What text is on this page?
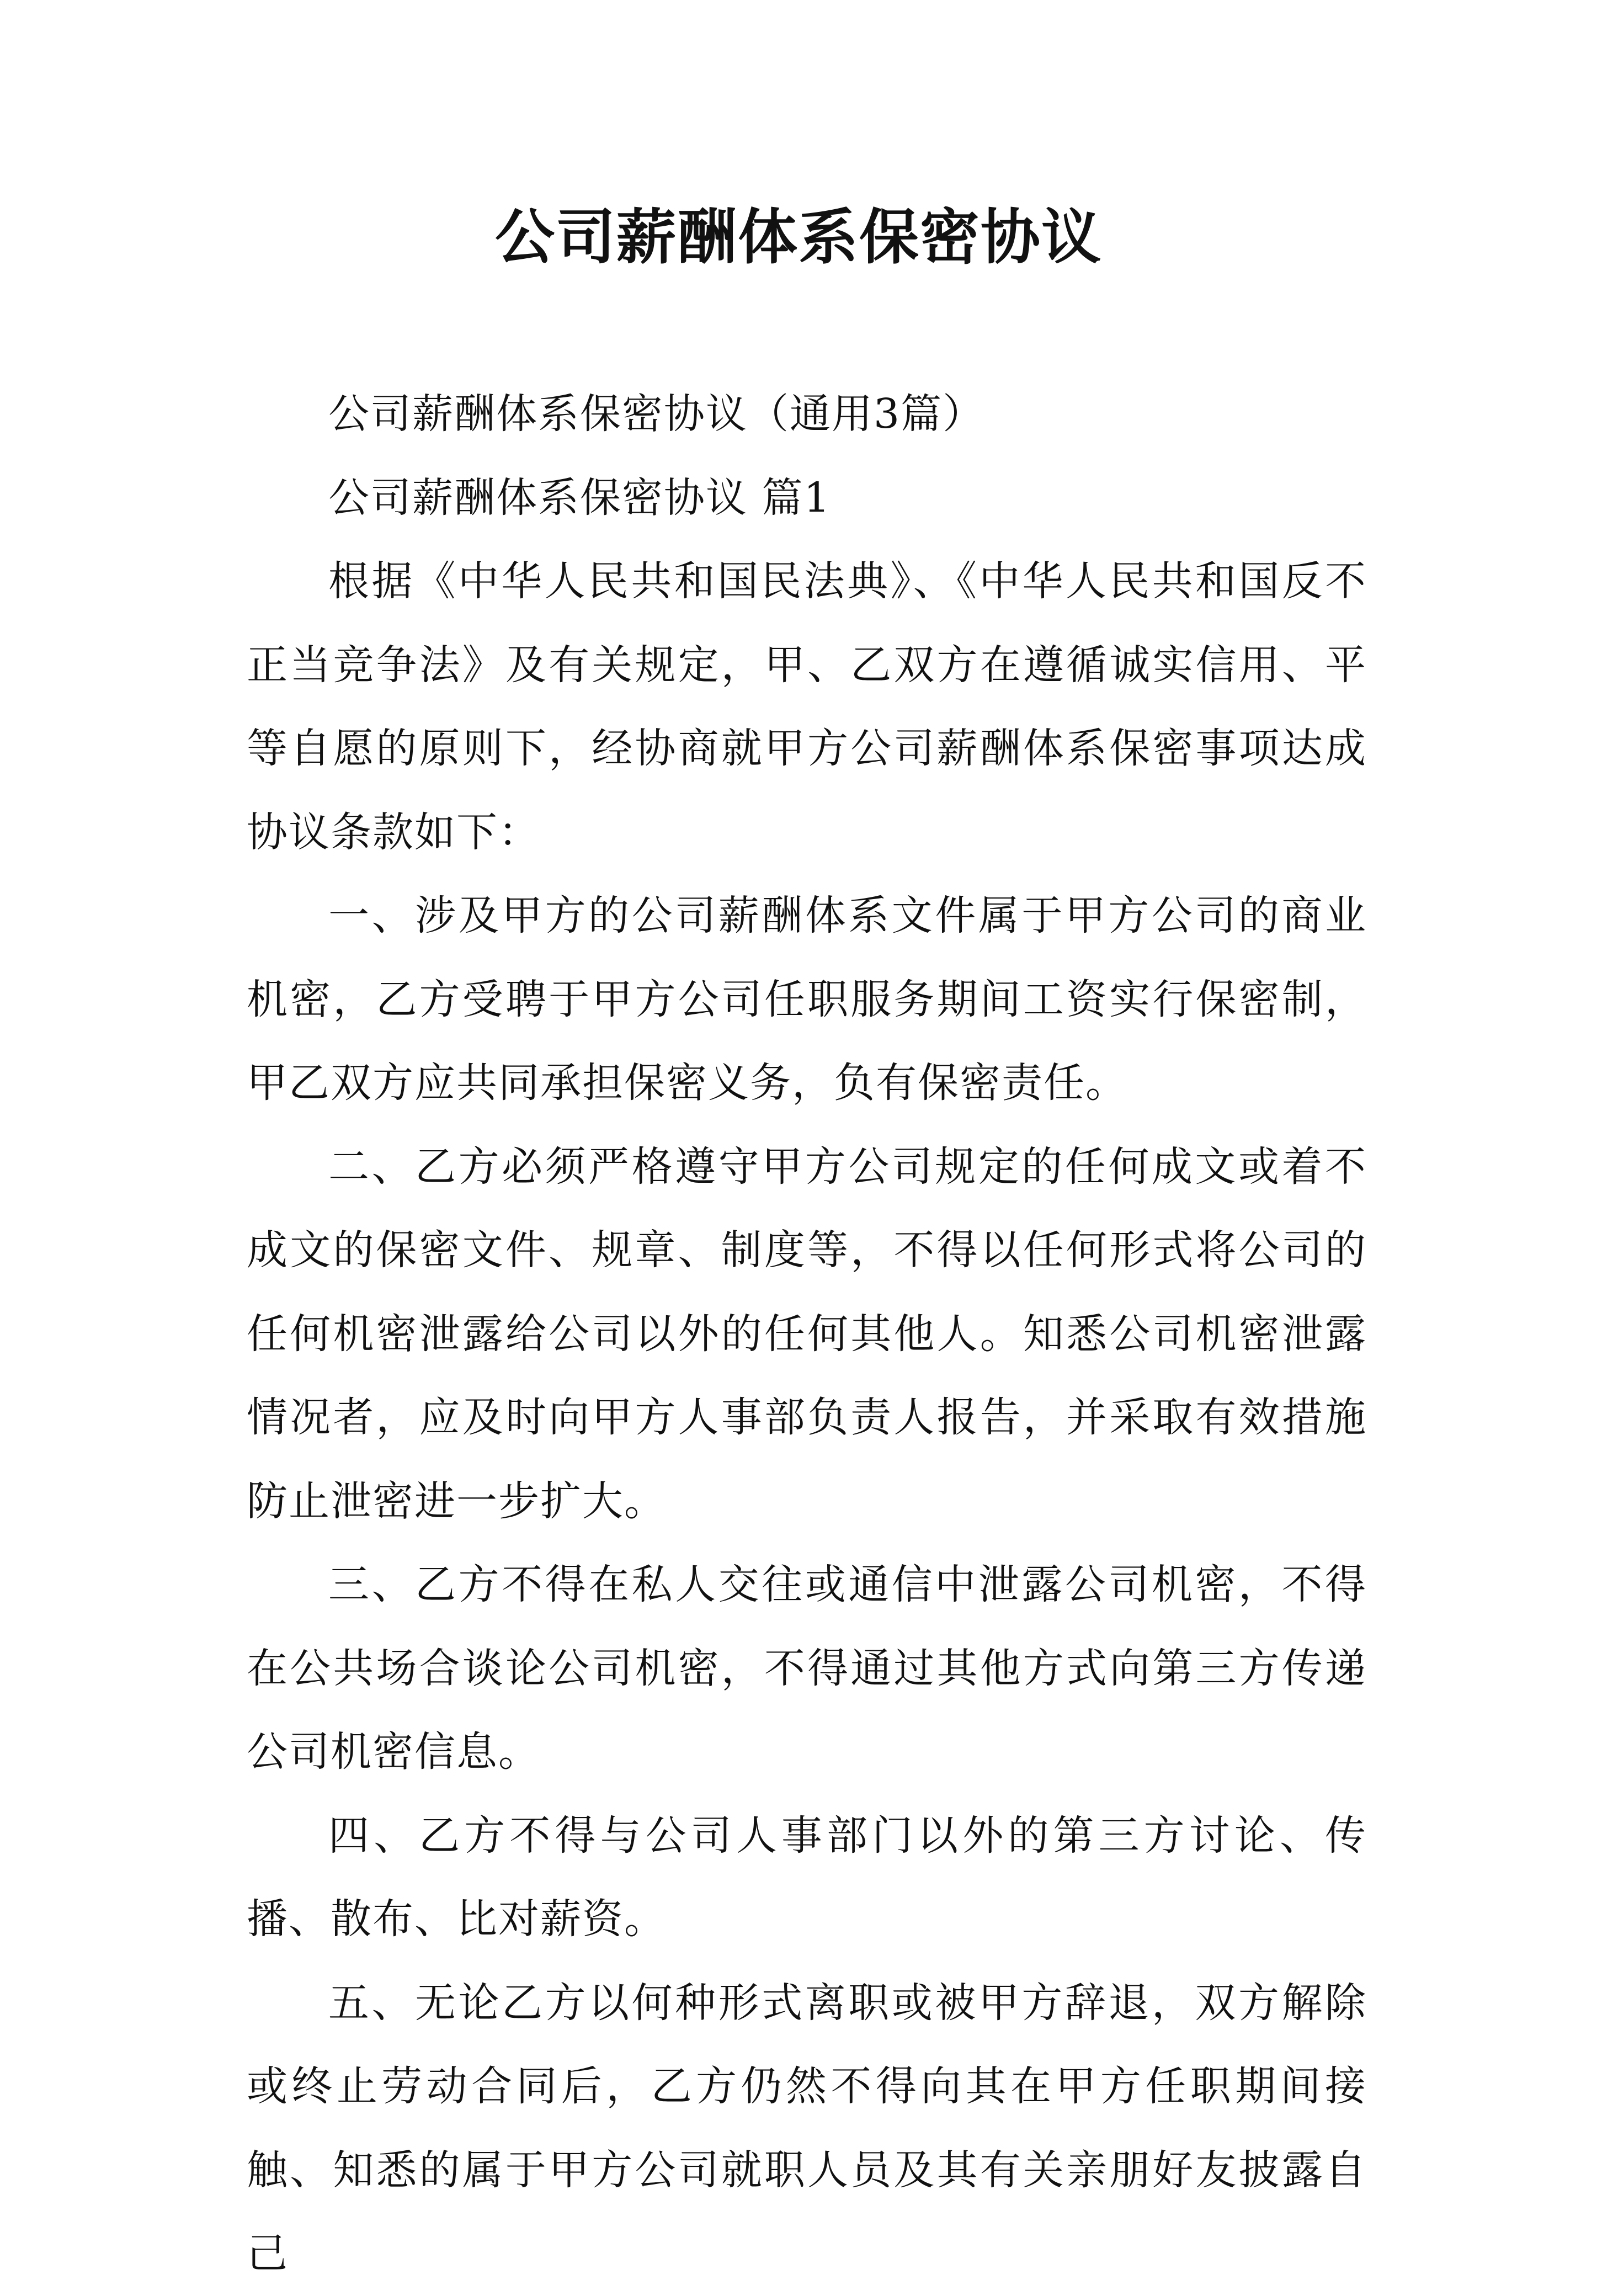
公司薪酬体系保密协议

公司薪酬体系保密协议（通用3篇）

公司薪酬体系保密协议 篇1

根据《中华人民共和国民法典》、《中华人民共和国反不正当竞争法》及有关规定，甲、乙双方在遵循诚实信用、平等自愿的原则下，经协商就甲方公司薪酬体系保密事项达成协议条款如下：

一、涉及甲方的公司薪酬体系文件属于甲方公司的商业机密，乙方受聘于甲方公司任职服务期间工资实行保密制，甲乙双方应共同承担保密义务，负有保密责任。

二、乙方必须严格遵守甲方公司规定的任何成文或着不成文的保密文件、规章、制度等，不得以任何形式将公司的任何机密泄露给公司以外的任何其他人。知悉公司机密泄露情况者，应及时向甲方人事部负责人报告，并采取有效措施防止泄密进一步扩大。

三、乙方不得在私人交往或通信中泄露公司机密，不得在公共场合谈论公司机密，不得通过其他方式向第三方传递公司机密信息。

四、乙方不得与公司人事部门以外的第三方讨论、传播、散布、比对薪资。

五、无论乙方以何种形式离职或被甲方辞退，双方解除或终止劳动合同后，乙方仍然不得向其在甲方任职期间接触、知悉的属于甲方公司就职人员及其有关亲朋好友披露自己
